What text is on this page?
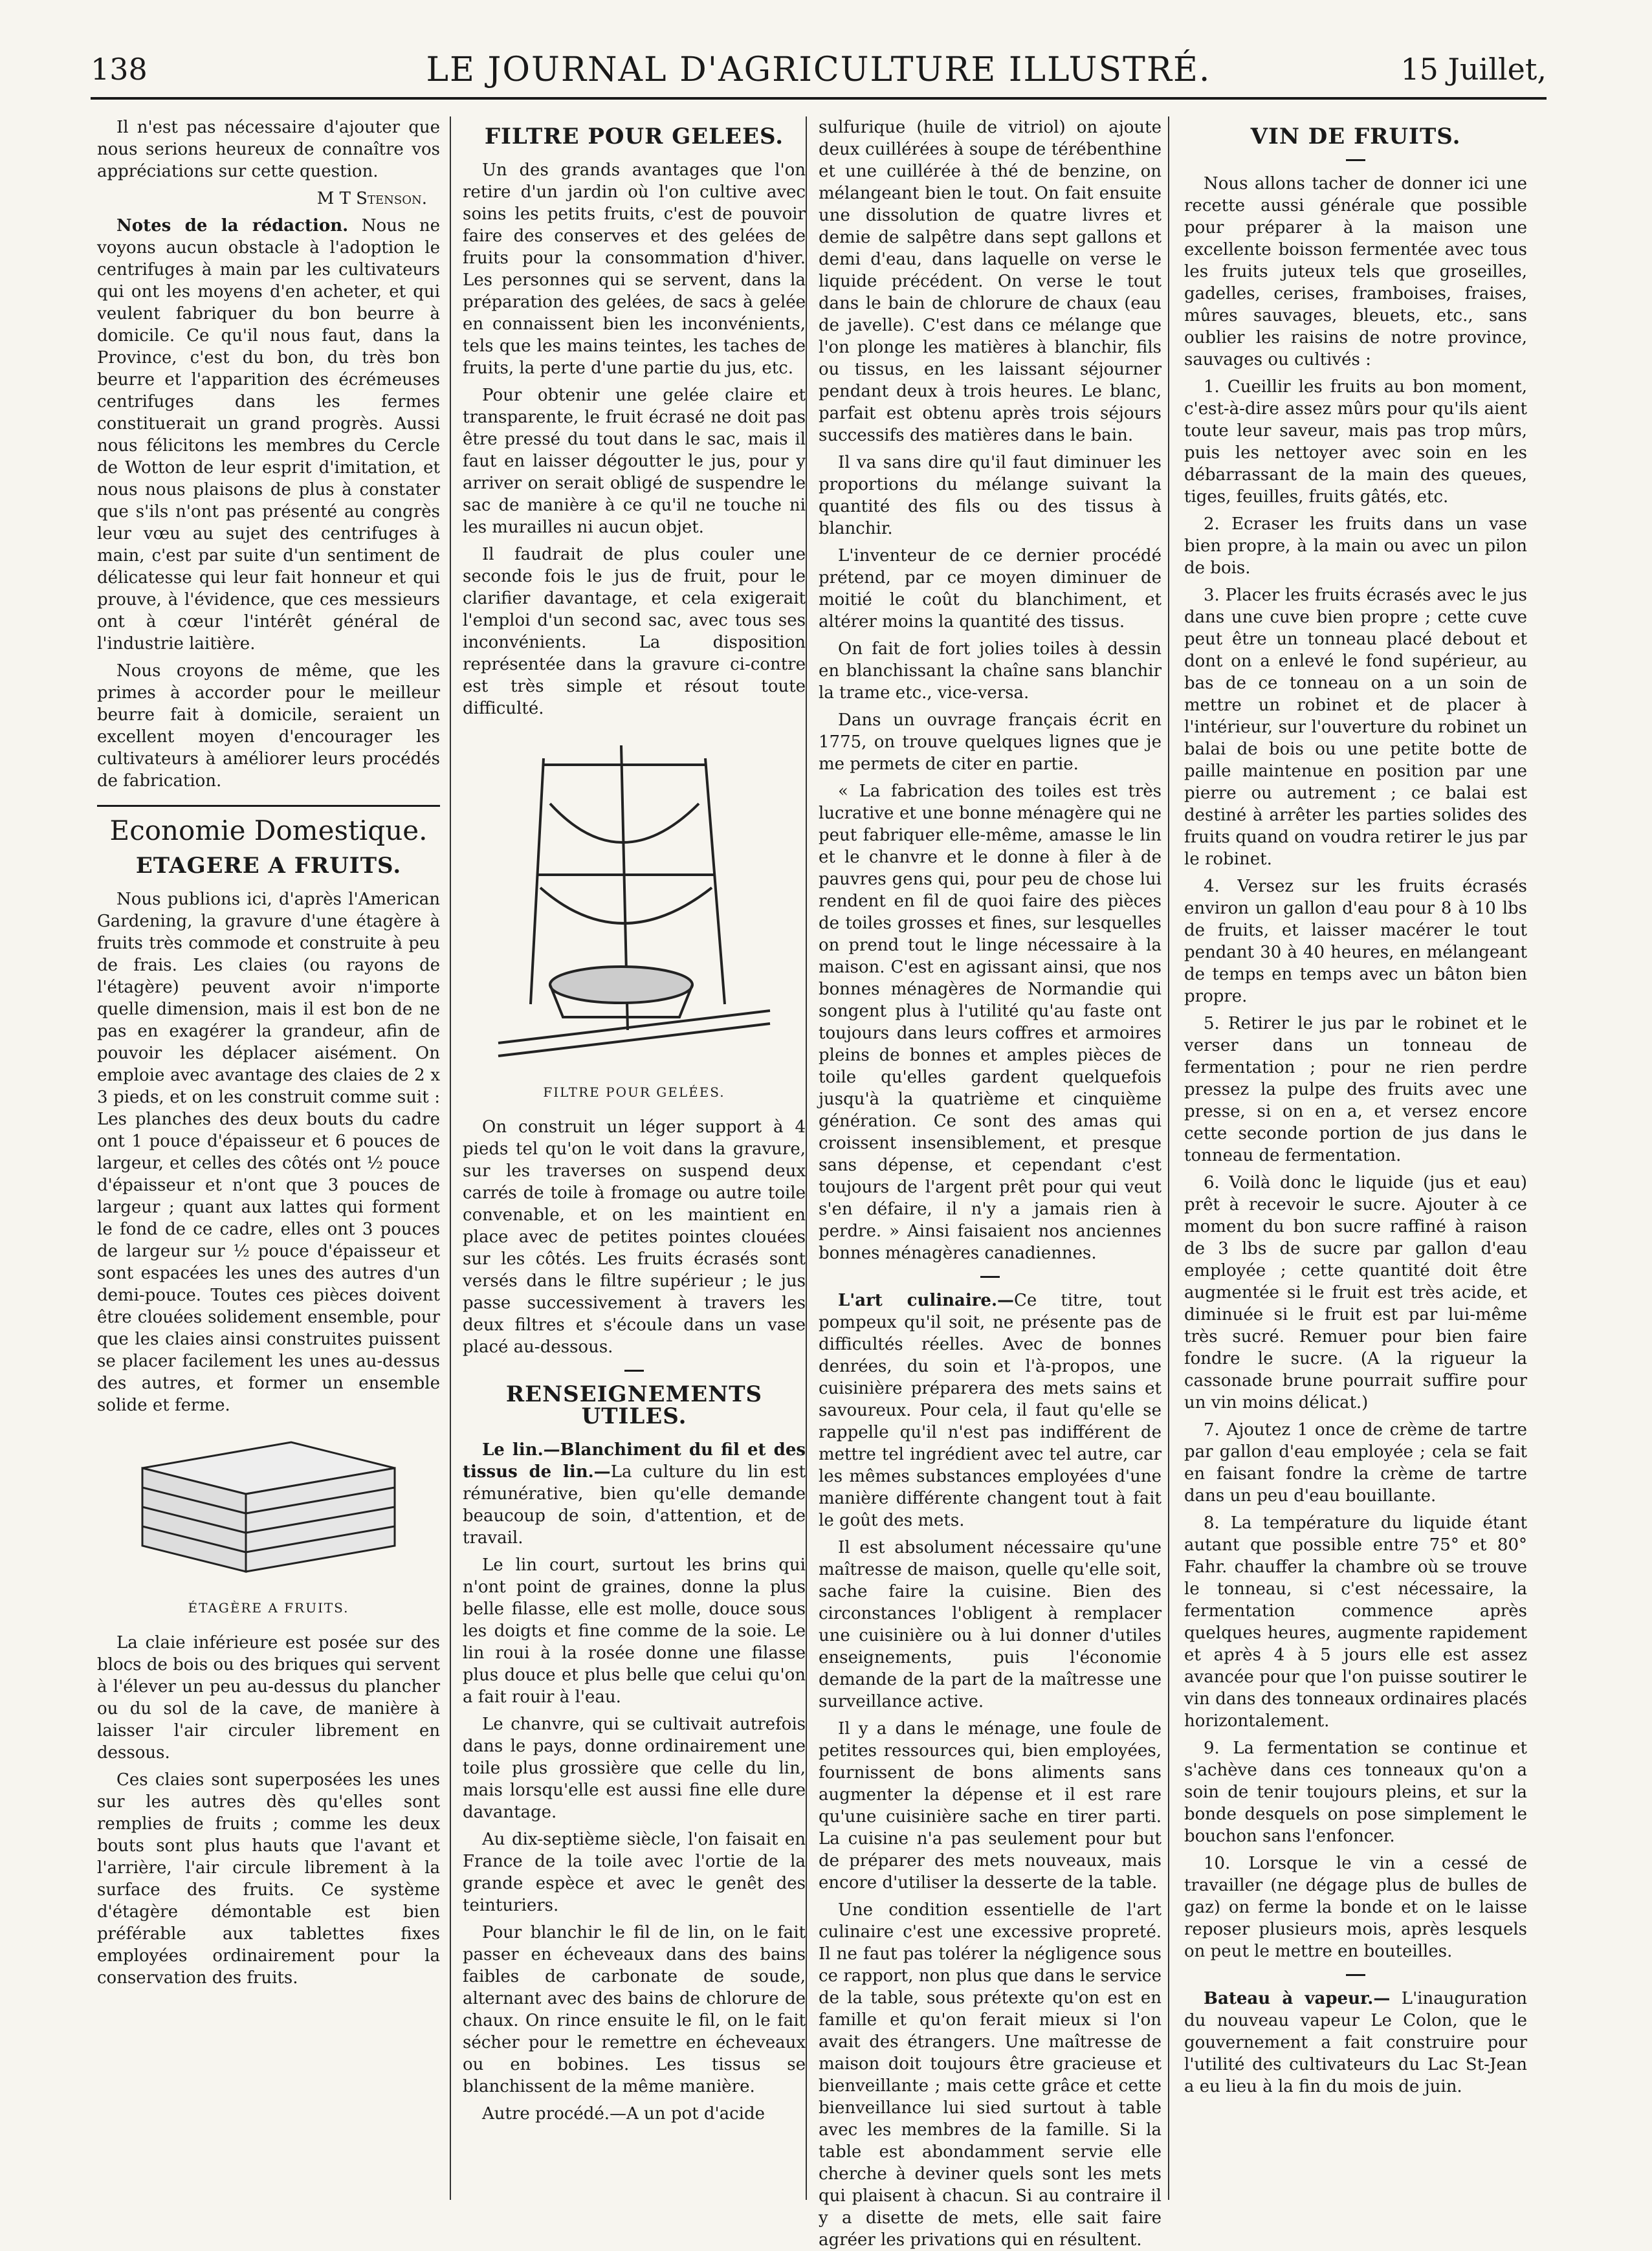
138	LE JOURNAL D'AGRICULTURE ILLUSTRÉ.	15 Juillet,

Il n'est pas nécessaire d'ajouter que nous serions heureux de connaître vos appréciations sur cette question.

M T Stenson.

Notes de la rédaction. Nous ne voyons aucun obstacle à l'adoption le centrifuges à main par les cultivateurs qui ont les moyens d'en acheter, et qui veulent fabriquer du bon beurre à domicile. Ce qu'il nous faut, dans la Province, c'est du bon, du très bon beurre et l'apparition des écrémeuses centrifuges dans les fermes constituerait un grand progrès. Aussi nous félicitons les membres du Cercle de Wotton de leur esprit d'imitation, et nous nous plaisons de plus à constater que s'ils n'ont pas présenté au congrès leur vœu au sujet des centrifuges à main, c'est par suite d'un sentiment de délicatesse qui leur fait honneur et qui prouve, à l'évidence, que ces messieurs ont à cœur l'intérêt général de l'industrie laitière.

Nous croyons de même, que les primes à accorder pour le meilleur beurre fait à domicile, seraient un excellent moyen d'encourager les cultivateurs à améliorer leurs procédés de fabrication.

Economie Domestique.
ETAGERE A FRUITS.

Nous publions ici, d'après l'American Gardening, la gravure d'une étagère à fruits très commode et construite à peu de frais. Les claies (ou rayons de l'étagère) peuvent avoir n'importe quelle dimension, mais il est bon de ne pas en exagérer la grandeur, afin de pouvoir les déplacer aisément. On emploie avec avantage des claies de 2 x 3 pieds, et on les construit comme suit : Les planches des deux bouts du cadre ont 1 pouce d'épaisseur et 6 pouces de largeur, et celles des côtés ont ½ pouce d'épaisseur et n'ont que 3 pouces de largeur ; quant aux lattes qui forment le fond de ce cadre, elles ont 3 pouces de largeur sur ½ pouce d'épaisseur et sont espacées les unes des autres d'un demi-pouce. Toutes ces pièces doivent être clouées solidement ensemble, pour que les claies ainsi construites puissent se placer facilement les unes au-dessus des autres, et former un ensemble solide et ferme.

ÉTAGÈRE A FRUITS.

La claie inférieure est posée sur des blocs de bois ou des briques qui servent à l'élever un peu au-dessus du plancher ou du sol de la cave, de manière à laisser l'air circuler librement en dessous.

Ces claies sont superposées les unes sur les autres dès qu'elles sont remplies de fruits ; comme les deux bouts sont plus hauts que l'avant et l'arrière, l'air circule librement à la surface des fruits. Ce système d'étagère démontable est bien préférable aux tablettes fixes employées ordinairement pour la conservation des fruits.

FILTRE POUR GELEES.

Un des grands avantages que l'on retire d'un jardin où l'on cultive avec soins les petits fruits, c'est de pouvoir faire des conserves et des gelées de fruits pour la consommation d'hiver. Les personnes qui se servent, dans la préparation des gelées, de sacs à gelée en connaissent bien les inconvénients, tels que les mains teintes, les taches de fruits, la perte d'une partie du jus, etc.

Pour obtenir une gelée claire et transparente, le fruit écrasé ne doit pas être pressé du tout dans le sac, mais il faut en laisser dégoutter le jus, pour y arriver on serait obligé de suspendre le sac de manière à ce qu'il ne touche ni les murailles ni aucun objet.

Il faudrait de plus couler une seconde fois le jus de fruit, pour le clarifier davantage, et cela exigerait l'emploi d'un second sac, avec tous ses inconvénients. La disposition représentée dans la gravure ci-contre est très simple et résout toute difficulté.

FILTRE POUR GELÉES.

On construit un léger support à 4 pieds tel qu'on le voit dans la gravure, sur les traverses on suspend deux carrés de toile à fromage ou autre toile convenable, et on les maintient en place avec de petites pointes clouées sur les côtés. Les fruits écrasés sont versés dans le filtre supérieur ; le jus passe successivement à travers les deux filtres et s'écoule dans un vase placé au-dessous.

RENSEIGNEMENTS UTILES.

Le lin.—Blanchiment du fil et des tissus de lin.—La culture du lin est rémunérative, bien qu'elle demande beaucoup de soin, d'attention, et de travail.

Le lin court, surtout les brins qui n'ont point de graines, donne la plus belle filasse, elle est molle, douce sous les doigts et fine comme de la soie. Le lin roui à la rosée donne une filasse plus douce et plus belle que celui qu'on a fait rouir à l'eau.

Le chanvre, qui se cultivait autrefois dans le pays, donne ordinairement une toile plus grossière que celle du lin, mais lorsqu'elle est aussi fine elle dure davantage.

Au dix-septième siècle, l'on faisait en France de la toile avec l'ortie de la grande espèce et avec le genêt des teinturiers.

Pour blanchir le fil de lin, on le fait passer en écheveaux dans des bains faibles de carbonate de soude, alternant avec des bains de chlorure de chaux. On rince ensuite le fil, on le fait sécher pour le remettre en écheveaux ou en bobines. Les tissus se blanchissent de la même manière.

Autre procédé.—A un pot d'acide

sulfurique (huile de vitriol) on ajoute deux cuillérées à soupe de térébenthine et une cuillérée à thé de benzine, on mélangeant bien le tout. On fait ensuite une dissolution de quatre livres et demie de salpêtre dans sept gallons et demi d'eau, dans laquelle on verse le liquide précédent. On verse le tout dans le bain de chlorure de chaux (eau de javelle). C'est dans ce mélange que l'on plonge les matières à blanchir, fils ou tissus, en les laissant séjourner pendant deux à trois heures. Le blanc, parfait est obtenu après trois séjours successifs des matières dans le bain.

Il va sans dire qu'il faut diminuer les proportions du mélange suivant la quantité des fils ou des tissus à blanchir.

L'inventeur de ce dernier procédé prétend, par ce moyen diminuer de moitié le coût du blanchiment, et altérer moins la quantité des tissus.

On fait de fort jolies toiles à dessin en blanchissant la chaîne sans blanchir la trame etc., vice-versa.

Dans un ouvrage français écrit en 1775, on trouve quelques lignes que je me permets de citer en partie.

« La fabrication des toiles est très lucrative et une bonne ménagère qui ne peut fabriquer elle-même, amasse le lin et le chanvre et le donne à filer à de pauvres gens qui, pour peu de chose lui rendent en fil de quoi faire des pièces de toiles grosses et fines, sur lesquelles on prend tout le linge nécessaire à la maison. C'est en agissant ainsi, que nos bonnes ménagères de Normandie qui songent plus à l'utilité qu'au faste ont toujours dans leurs coffres et armoires pleins de bonnes et amples pièces de toile qu'elles gardent quelquefois jusqu'à la quatrième et cinquième génération. Ce sont des amas qui croissent insensiblement, et presque sans dépense, et cependant c'est toujours de l'argent prêt pour qui veut s'en défaire, il n'y a jamais rien à perdre. » Ainsi faisaient nos anciennes bonnes ménagères canadiennes.

L'art culinaire.—Ce titre, tout pompeux qu'il soit, ne présente pas de difficultés réelles. Avec de bonnes denrées, du soin et l'à-propos, une cuisinière préparera des mets sains et savoureux. Pour cela, il faut qu'elle se rappelle qu'il n'est pas indifférent de mettre tel ingrédient avec tel autre, car les mêmes substances employées d'une manière différente changent tout à fait le goût des mets.

Il est absolument nécessaire qu'une maîtresse de maison, quelle qu'elle soit, sache faire la cuisine. Bien des circonstances l'obligent à remplacer une cuisinière ou à lui donner d'utiles enseignements, puis l'économie demande de la part de la maîtresse une surveillance active.

Il y a dans le ménage, une foule de petites ressources qui, bien employées, fournissent de bons aliments sans augmenter la dépense et il est rare qu'une cuisinière sache en tirer parti. La cuisine n'a pas seulement pour but de préparer des mets nouveaux, mais encore d'utiliser la desserte de la table.

Une condition essentielle de l'art culinaire c'est une excessive propreté. Il ne faut pas tolérer la négligence sous ce rapport, non plus que dans le service de la table, sous prétexte qu'on est en famille et qu'on ferait mieux si l'on avait des étrangers. Une maîtresse de maison doit toujours être gracieuse et bienveillante ; mais cette grâce et cette bienveillance lui sied surtout à table avec les membres de la famille. Si la table est abondamment servie elle cherche à deviner quels sont les mets qui plaisent à chacun. Si au contraire il y a disette de mets, elle sait faire agréer les privations qui en résultent.

VIN DE FRUITS.

Nous allons tacher de donner ici une recette aussi générale que possible pour préparer à la maison une excellente boisson fermentée avec tous les fruits juteux tels que groseilles, gadelles, cerises, framboises, fraises, mûres sauvages, bleuets, etc., sans oublier les raisins de notre province, sauvages ou cultivés :

1. Cueillir les fruits au bon moment, c'est-à-dire assez mûrs pour qu'ils aient toute leur saveur, mais pas trop mûrs, puis les nettoyer avec soin en les débarrassant de la main des queues, tiges, feuilles, fruits gâtés, etc.

2. Ecraser les fruits dans un vase bien propre, à la main ou avec un pilon de bois.

3. Placer les fruits écrasés avec le jus dans une cuve bien propre ; cette cuve peut être un tonneau placé debout et dont on a enlevé le fond supérieur, au bas de ce tonneau on a un soin de mettre un robinet et de placer à l'intérieur, sur l'ouverture du robinet un balai de bois ou une petite botte de paille maintenue en position par une pierre ou autrement ; ce balai est destiné à arrêter les parties solides des fruits quand on voudra retirer le jus par le robinet.

4. Versez sur les fruits écrasés environ un gallon d'eau pour 8 à 10 lbs de fruits, et laisser macérer le tout pendant 30 à 40 heures, en mélangeant de temps en temps avec un bâton bien propre.

5. Retirer le jus par le robinet et le verser dans un tonneau de fermentation ; pour ne rien perdre pressez la pulpe des fruits avec une presse, si on en a, et versez encore cette seconde portion de jus dans le tonneau de fermentation.

6. Voilà donc le liquide (jus et eau) prêt à recevoir le sucre. Ajouter à ce moment du bon sucre raffiné à raison de 3 lbs de sucre par gallon d'eau employée ; cette quantité doit être augmentée si le fruit est très acide, et diminuée si le fruit est par lui-même très sucré. Remuer pour bien faire fondre le sucre. (A la rigueur la cassonade brune pourrait suffire pour un vin moins délicat.)

7. Ajoutez 1 once de crème de tartre par gallon d'eau employée ; cela se fait en faisant fondre la crème de tartre dans un peu d'eau bouillante.

8. La température du liquide étant autant que possible entre 75° et 80° Fahr. chauffer la chambre où se trouve le tonneau, si c'est nécessaire, la fermentation commence après quelques heures, augmente rapidement et après 4 à 5 jours elle est assez avancée pour que l'on puisse soutirer le vin dans des tonneaux ordinaires placés horizontalement.

9. La fermentation se continue et s'achève dans ces tonneaux qu'on a soin de tenir toujours pleins, et sur la bonde desquels on pose simplement le bouchon sans l'enfoncer.

10. Lorsque le vin a cessé de travailler (ne dégage plus de bulles de gaz) on ferme la bonde et on le laisse reposer plusieurs mois, après lesquels on peut le mettre en bouteilles.

Bateau à vapeur.— L'inauguration du nouveau vapeur Le Colon, que le gouvernement a fait construire pour l'utilité des cultivateurs du Lac St-Jean a eu lieu à la fin du mois de juin.
